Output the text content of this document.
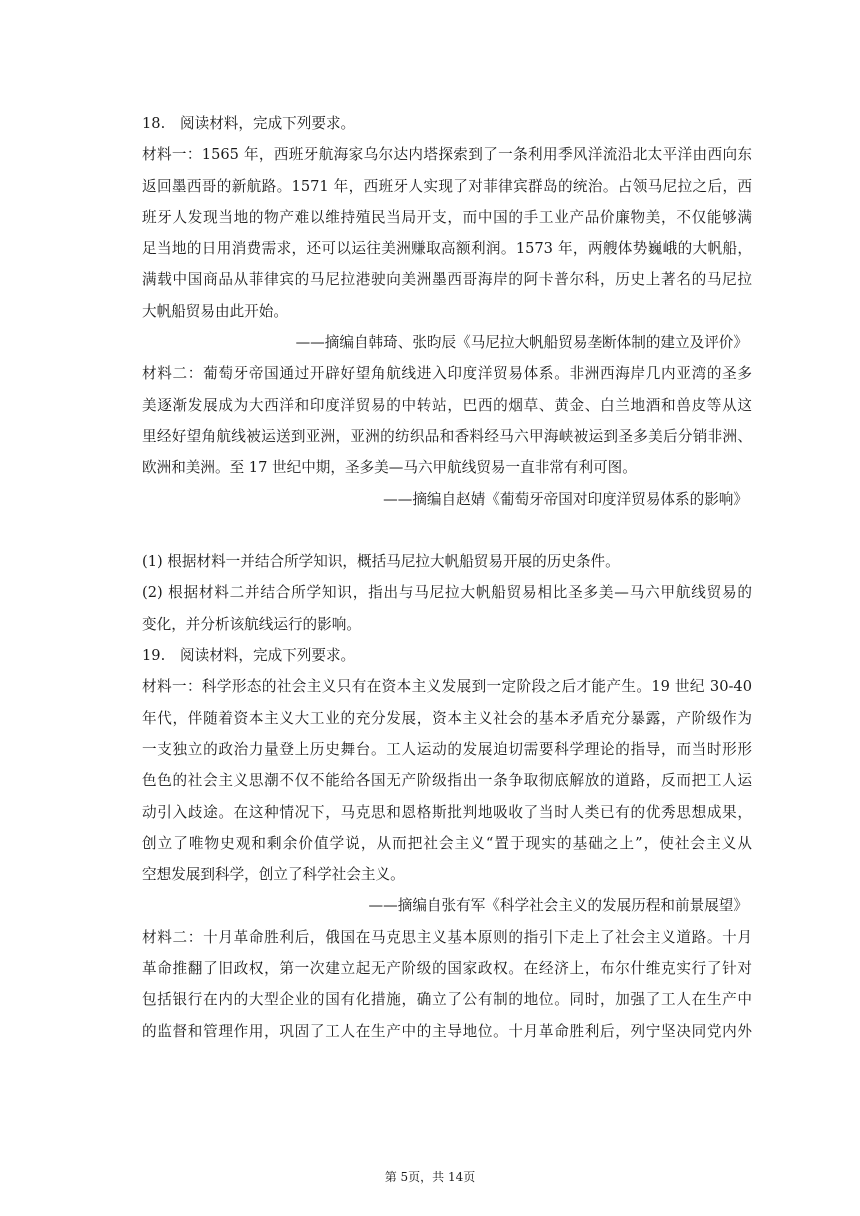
18.	阅读材料，完成下列要求。
材料一：1565 年，西班牙航海家乌尔达内塔探索到了一条利用季风洋流沿北太平洋由西向东
返回墨西哥的新航路。1571 年，西班牙人实现了对菲律宾群岛的统治。占领马尼拉之后，西
班牙人发现当地的物产难以维持殖民当局开支，而中国的手工业产品价廉物美，不仅能够满
足当地的日用消费需求，还可以运往美洲赚取高额利润。1573 年，两艘体势巍峨的大帆船，
满载中国商品从菲律宾的马尼拉港驶向美洲墨西哥海岸的阿卡普尔科，历史上著名的马尼拉
大帆船贸易由此开始。
——摘编自韩琦、张昀辰《马尼拉大帆船贸易垄断体制的建立及评价》
材料二：葡萄牙帝国通过开辟好望角航线进入印度洋贸易体系。非洲西海岸几内亚湾的圣多
美逐渐发展成为大西洋和印度洋贸易的中转站，巴西的烟草、黄金、白兰地酒和兽皮等从这
里经好望角航线被运送到亚洲，亚洲的纺织品和香料经马六甲海峡被运到圣多美后分销非洲、
欧洲和美洲。至 17 世纪中期，圣多美—马六甲航线贸易一直非常有利可图。
——摘编自赵婧《葡萄牙帝国对印度洋贸易体系的影响》
(1) 根据材料一并结合所学知识，概括马尼拉大帆船贸易开展的历史条件。
(2) 根据材料二并结合所学知识，指出与马尼拉大帆船贸易相比圣多美—马六甲航线贸易的
变化，并分析该航线运行的影响。
19.	阅读材料，完成下列要求。
材料一：科学形态的社会主义只有在资本主义发展到一定阶段之后才能产生。19 世纪 30-40
年代，伴随着资本主义大工业的充分发展，资本主义社会的基本矛盾充分暴露，产阶级作为
一支独立的政治力量登上历史舞台。工人运动的发展迫切需要科学理论的指导，而当时形形
色色的社会主义思潮不仅不能给各国无产阶级指出一条争取彻底解放的道路，反而把工人运
动引入歧途。在这种情况下，马克思和恩格斯批判地吸收了当时人类已有的优秀思想成果，
创立了唯物史观和剩余价值学说，从而把社会主义“置于现实的基础之上”，使社会主义从
空想发展到科学，创立了科学社会主义。
——摘编自张有军《科学社会主义的发展历程和前景展望》
材料二：十月革命胜利后，俄国在马克思主义基本原则的指引下走上了社会主义道路。十月
革命推翻了旧政权，第一次建立起无产阶级的国家政权。在经济上，布尔什维克实行了针对
包括银行在内的大型企业的国有化措施，确立了公有制的地位。同时，加强了工人在生产中
的监督和管理作用，巩固了工人在生产中的主导地位。十月革命胜利后，列宁坚决同党内外
第 5页，共 14页
